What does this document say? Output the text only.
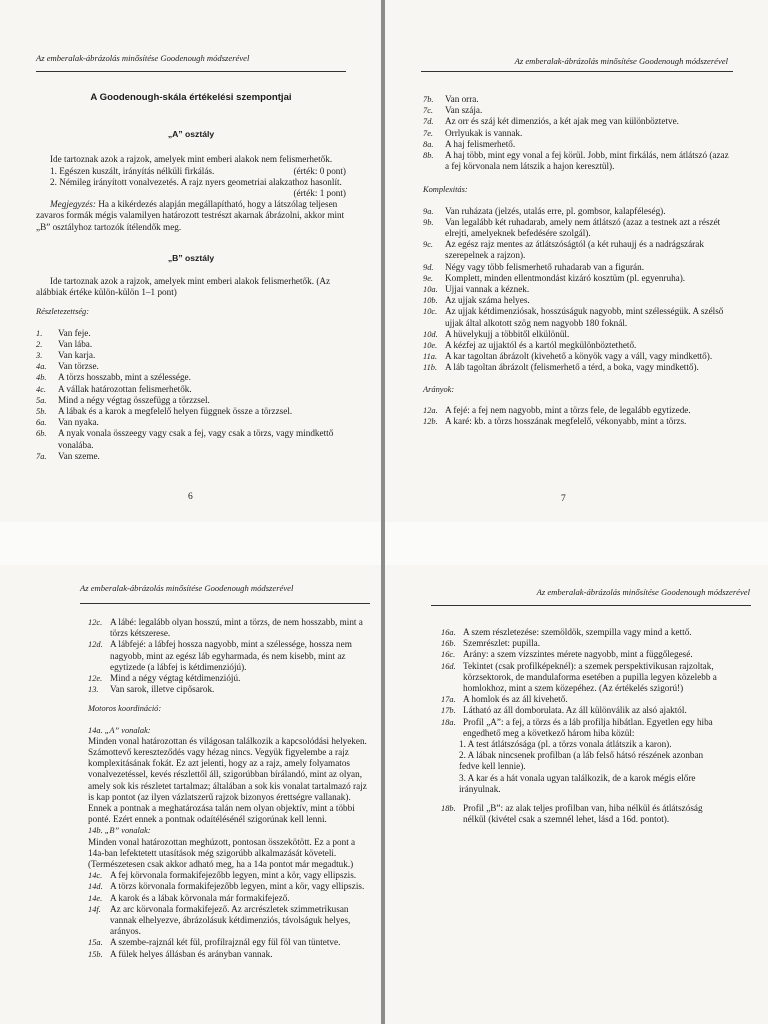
Az emberalak-ábrázolás minősítése Goodenough módszerével
A Goodenough-skála értékelési szempontjai
„A” osztály

Ide tartoznak azok a rajzok, amelyek mint emberi alakok nem felismerhetők.

1. Egészen kuszált, irányítás nélküli firkálás.	(érték: 0 pont)

2. Némileg irányított vonalvezetés. A rajz nyers geometriai alakzathoz hasonlít.

(érték: 1 pont)

Megjegyzés: Ha a kikérdezés alapján megállapítható, hogy a látszólag teljesen zavaros formák mégis valamilyen határozott testrészt akarnak ábrázolni, akkor mint „B” osztályhoz tartozók ítélendők meg.

„B” osztály

Ide tartoznak azok a rajzok, amelyek mint emberi alakok felismerhetők. (Az alábbiak értéke külön-külön 1–1 pont)

Részletezettség:

1.	Van feje.
2.	Van lába.
3.	Van karja.
4a.	Van törzse.
4b.	A törzs hosszabb, mint a szélessége.
4c.	A vállak határozottan felismerhetők.
5a.	Mind a négy végtag összefügg a törzzsel.
5b.	A lábak és a karok a megfelelő helyen függnek össze a törzzsel.
6a.	Van nyaka.
6b.	A nyak vonala összeegy vagy csak a fej, vagy csak a törzs, vagy mindkettő vonalába.
7a.	Van szeme.
6
Az emberalak-ábrázolás minősítése Goodenough módszerével
7b.	Van orra.
7c.	Van szája.
7d.	Az orr és száj két dimenziós, a két ajak meg van különböztetve.
7e.	Orrlyukak is vannak.
8a.	A haj felismerhető.
8b.	A haj több, mint egy vonal a fej körül. Jobb, mint firkálás, nem átlátszó (azaz a fej körvonala nem látszik a hajon keresztül).

Komplexitás:

9a.	Van ruházata (jelzés, utalás erre, pl. gombsor, kalapféleség).
9b.	Van legalább két ruhadarab, amely nem átlátszó (azaz a testnek azt a részét elrejti, amelyeknek befedésére szolgál).
9c.	Az egész rajz mentes az átlátszóságtól (a két ruhaujj és a nadrágszárak szerepelnek a rajzon).
9d.	Négy vagy több felismerhető ruhadarab van a figurán.
9e.	Komplett, minden ellentmondást kizáró kosztüm (pl. egyenruha).
10a. Ujjai vannak a kéznek.
10b. Az ujjak száma helyes.
10c. Az ujjak kétdimenziósak, hosszúságuk nagyobb, mint szélességük. A szélső ujjak által alkotott szög nem nagyobb 180 foknál.
10d. A hüvelykujj a többitől elkülönül.
10e. A kézfej az ujjaktól és a kartól megkülönböztethető.
11a. A kar tagoltan ábrázolt (kivehető a könyök vagy a váll, vagy mindkettő).
11b. A láb tagoltan ábrázolt (felismerhető a térd, a boka, vagy mindkettő).

Arányok:

12a. A fejé: a fej nem nagyobb, mint a törzs fele, de legalább egytizede.
12b. A karé: kb. a törzs hosszának megfelelő, vékonyabb, mint a törzs.
7
Az emberalak-ábrázolás minősítése Goodenough módszerével
12c. A lábé: legalább olyan hosszú, mint a törzs, de nem hosszabb, mint a törzs kétszerese.
12d. A lábfejé: a lábfej hossza nagyobb, mint a szélessége, hossza nem nagyobb, mint az egész láb egyharmada, és nem kisebb, mint az egytizede (a lábfej is kétdimenziójú).
12e. Mind a négy végtag kétdimenziójú.
13.	Van sarok, illetve cipősarok.

Motoros koordináció:

14a. „A” vonalak:

Minden vonal határozottan és világosan találkozik a kapcsolódási helyeken. Számottevő kereszteződés vagy hézag nincs. Vegyük figyelembe a rajz komplexitásának fokát. Ez azt jelenti, hogy az a rajz, amely folyamatos vonalvezetéssel, kevés részlettől áll, szigorúbban bírálandó, mint az olyan, amely sok kis részletet tartalmaz; általában a sok kis vonalat tartalmazó rajz is kap pontot (az ilyen vázlatszerű rajzok bizonyos érettségre vallanak). Ennek a pontnak a meghatározása talán nem olyan objektív, mint a többi ponté. Ezért ennek a pontnak odaítélésénél szigorúnak kell lenni.

14b. „B” vonalak:

Minden vonal határozottan meghúzott, pontosan összekötött. Ez a pont a 14a-ban lefektetett utasítások még szigorúbb alkalmazását követeli. (Természetesen csak akkor adható meg, ha a 14a pontot már megadtuk.)

14c. A fej körvonala formakifejezőbb legyen, mint a kör, vagy ellipszis.
14d. A törzs körvonala formakifejezőbb legyen, mint a kör, vagy ellipszis.
14e. A karok és a lábak körvonala már formakifejező.
14f.	Az arc körvonala formakifejező. Az arcrészletek szimmetrikusan vannak elhelyezve, ábrázolásuk kétdimenziós, távolságuk helyes, arányos.
15a. A szembe-rajznál két fül, profilrajznál egy fül föl van tüntetve.
15b. A fülek helyes állásban és arányban vannak.
Az emberalak-ábrázolás minősítése Goodenough módszerével
16a. A szem részletezése: szemöldök, szempilla vagy mind a kettő.
16b. Szemrészlet: pupilla.
16c. Arány: a szem vízszintes mérete nagyobb, mint a függőlegesé.
16d. Tekintet (csak profilképeknél): a szemek perspektivikusan rajzoltak, körzsektorok, de mandulaforma esetében a pupilla legyen közelebb a homlokhoz, mint a szem közepéhez. (Az értékelés szigorú!)
17a. A homlok és az áll kivehető.
17b. Látható az áll domborulata. Az áll különválik az alsó ajaktól.
18a. Profil „A”: a fej, a törzs és a láb profilja hibátlan. Egyetlen egy hiba engedhető meg a következő három hiba közül:

1. A test átlátszósága (pl. a törzs vonala átlátszik a karon).

2. A lábak nincsenek profilban (a láb felső hátsó részének azonban fedve kell lennie).

3. A kar és a hát vonala ugyan találkozik, de a karok mégis előre irányulnak.

18b. Profil „B”: az alak teljes profilban van, hiba nélkül és átlátszóság nélkül (kivétel csak a szemnél lehet, lásd a 16d. pontot).
